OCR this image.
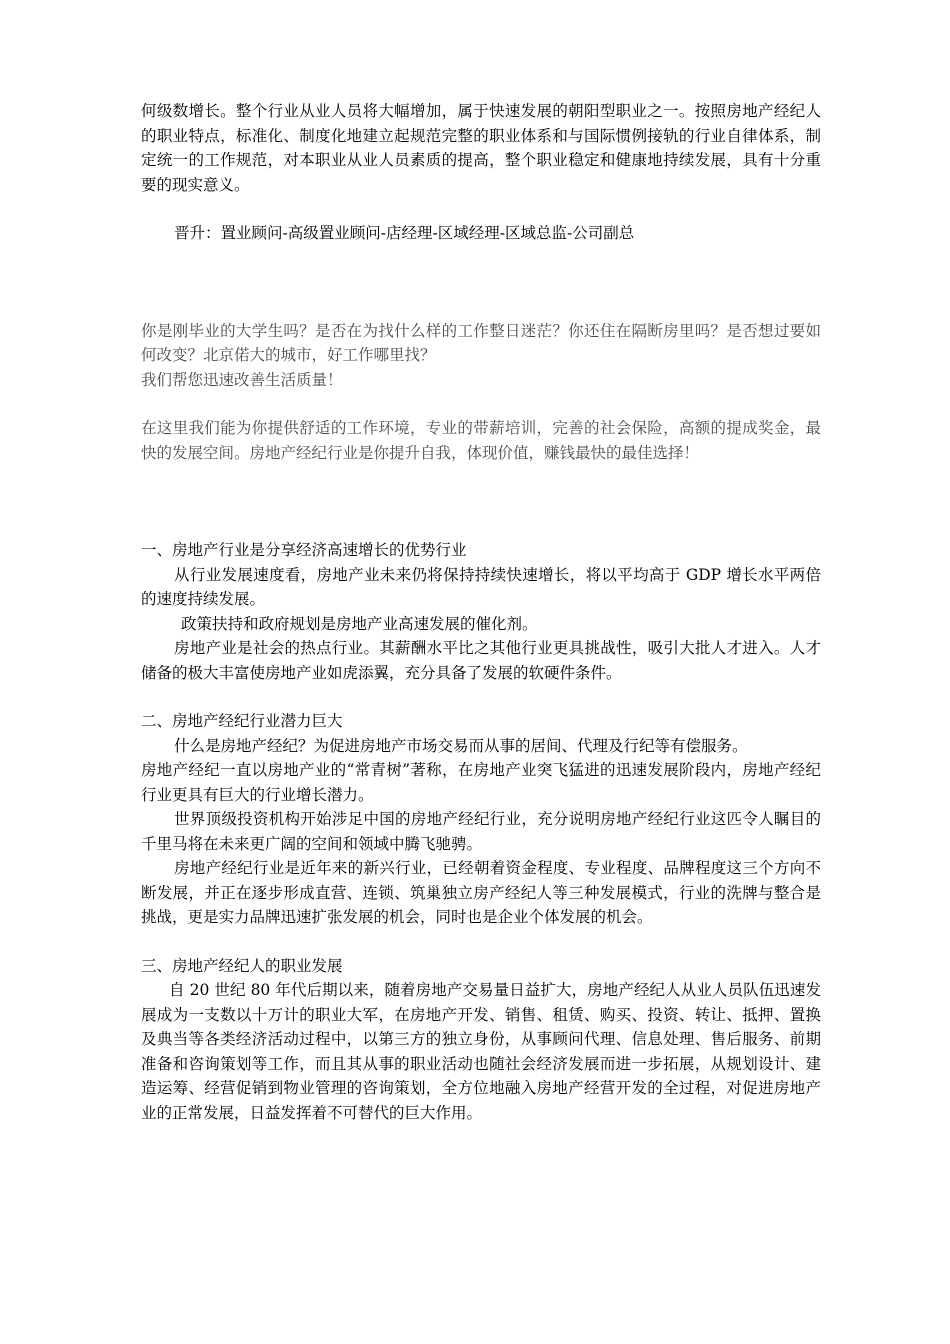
何级数增长。整个行业从业人员将大幅增加，属于快速发展的朝阳型职业之一。按照房地产经纪人的职业特点，标准化、制度化地建立起规范完整的职业体系和与国际惯例接轨的行业自律体系，制定统一的工作规范，对本职业从业人员素质的提高，整个职业稳定和健康地持续发展，具有十分重要的现实意义。

晋升：置业顾问-高级置业顾问-店经理-区域经理-区域总监-公司副总

你是刚毕业的大学生吗？是否在为找什么样的工作整日迷茫？你还住在隔断房里吗？是否想过要如何改变？北京偌大的城市，好工作哪里找？

我们帮您迅速改善生活质量！

在这里我们能为你提供舒适的工作环境，专业的带薪培训，完善的社会保险，高额的提成奖金，最快的发展空间。房地产经纪行业是你提升自我，体现价值，赚钱最快的最佳选择！

一、房地产行业是分享经济高速增长的优势行业

从行业发展速度看，房地产业未来仍将保持持续快速增长，将以平均高于 GDP 增长水平两倍的速度持续发展。

政策扶持和政府规划是房地产业高速发展的催化剂。

房地产业是社会的热点行业。其薪酬水平比之其他行业更具挑战性，吸引大批人才进入。人才储备的极大丰富使房地产业如虎添翼，充分具备了发展的软硬件条件。

二、房地产经纪行业潜力巨大

什么是房地产经纪？为促进房地产市场交易而从事的居间、代理及行纪等有偿服务。

房地产经纪一直以房地产业的“常青树”著称，在房地产业突飞猛进的迅速发展阶段内，房地产经纪行业更具有巨大的行业增长潜力。

世界顶级投资机构开始涉足中国的房地产经纪行业，充分说明房地产经纪行业这匹令人瞩目的千里马将在未来更广阔的空间和领域中腾飞驰骋。

房地产经纪行业是近年来的新兴行业，已经朝着资金程度、专业程度、品牌程度这三个方向不断发展，并正在逐步形成直营、连锁、筑巢独立房产经纪人等三种发展模式，行业的洗牌与整合是挑战，更是实力品牌迅速扩张发展的机会，同时也是企业个体发展的机会。

三、房地产经纪人的职业发展

自 20 世纪 80 年代后期以来，随着房地产交易量日益扩大，房地产经纪人从业人员队伍迅速发展成为一支数以十万计的职业大军，在房地产开发、销售、租赁、购买、投资、转让、抵押、置换及典当等各类经济活动过程中，以第三方的独立身份，从事顾问代理、信息处理、售后服务、前期准备和咨询策划等工作，而且其从事的职业活动也随社会经济发展而进一步拓展，从规划设计、建造运筹、经营促销到物业管理的咨询策划，全方位地融入房地产经营开发的全过程，对促进房地产业的正常发展，日益发挥着不可替代的巨大作用。
